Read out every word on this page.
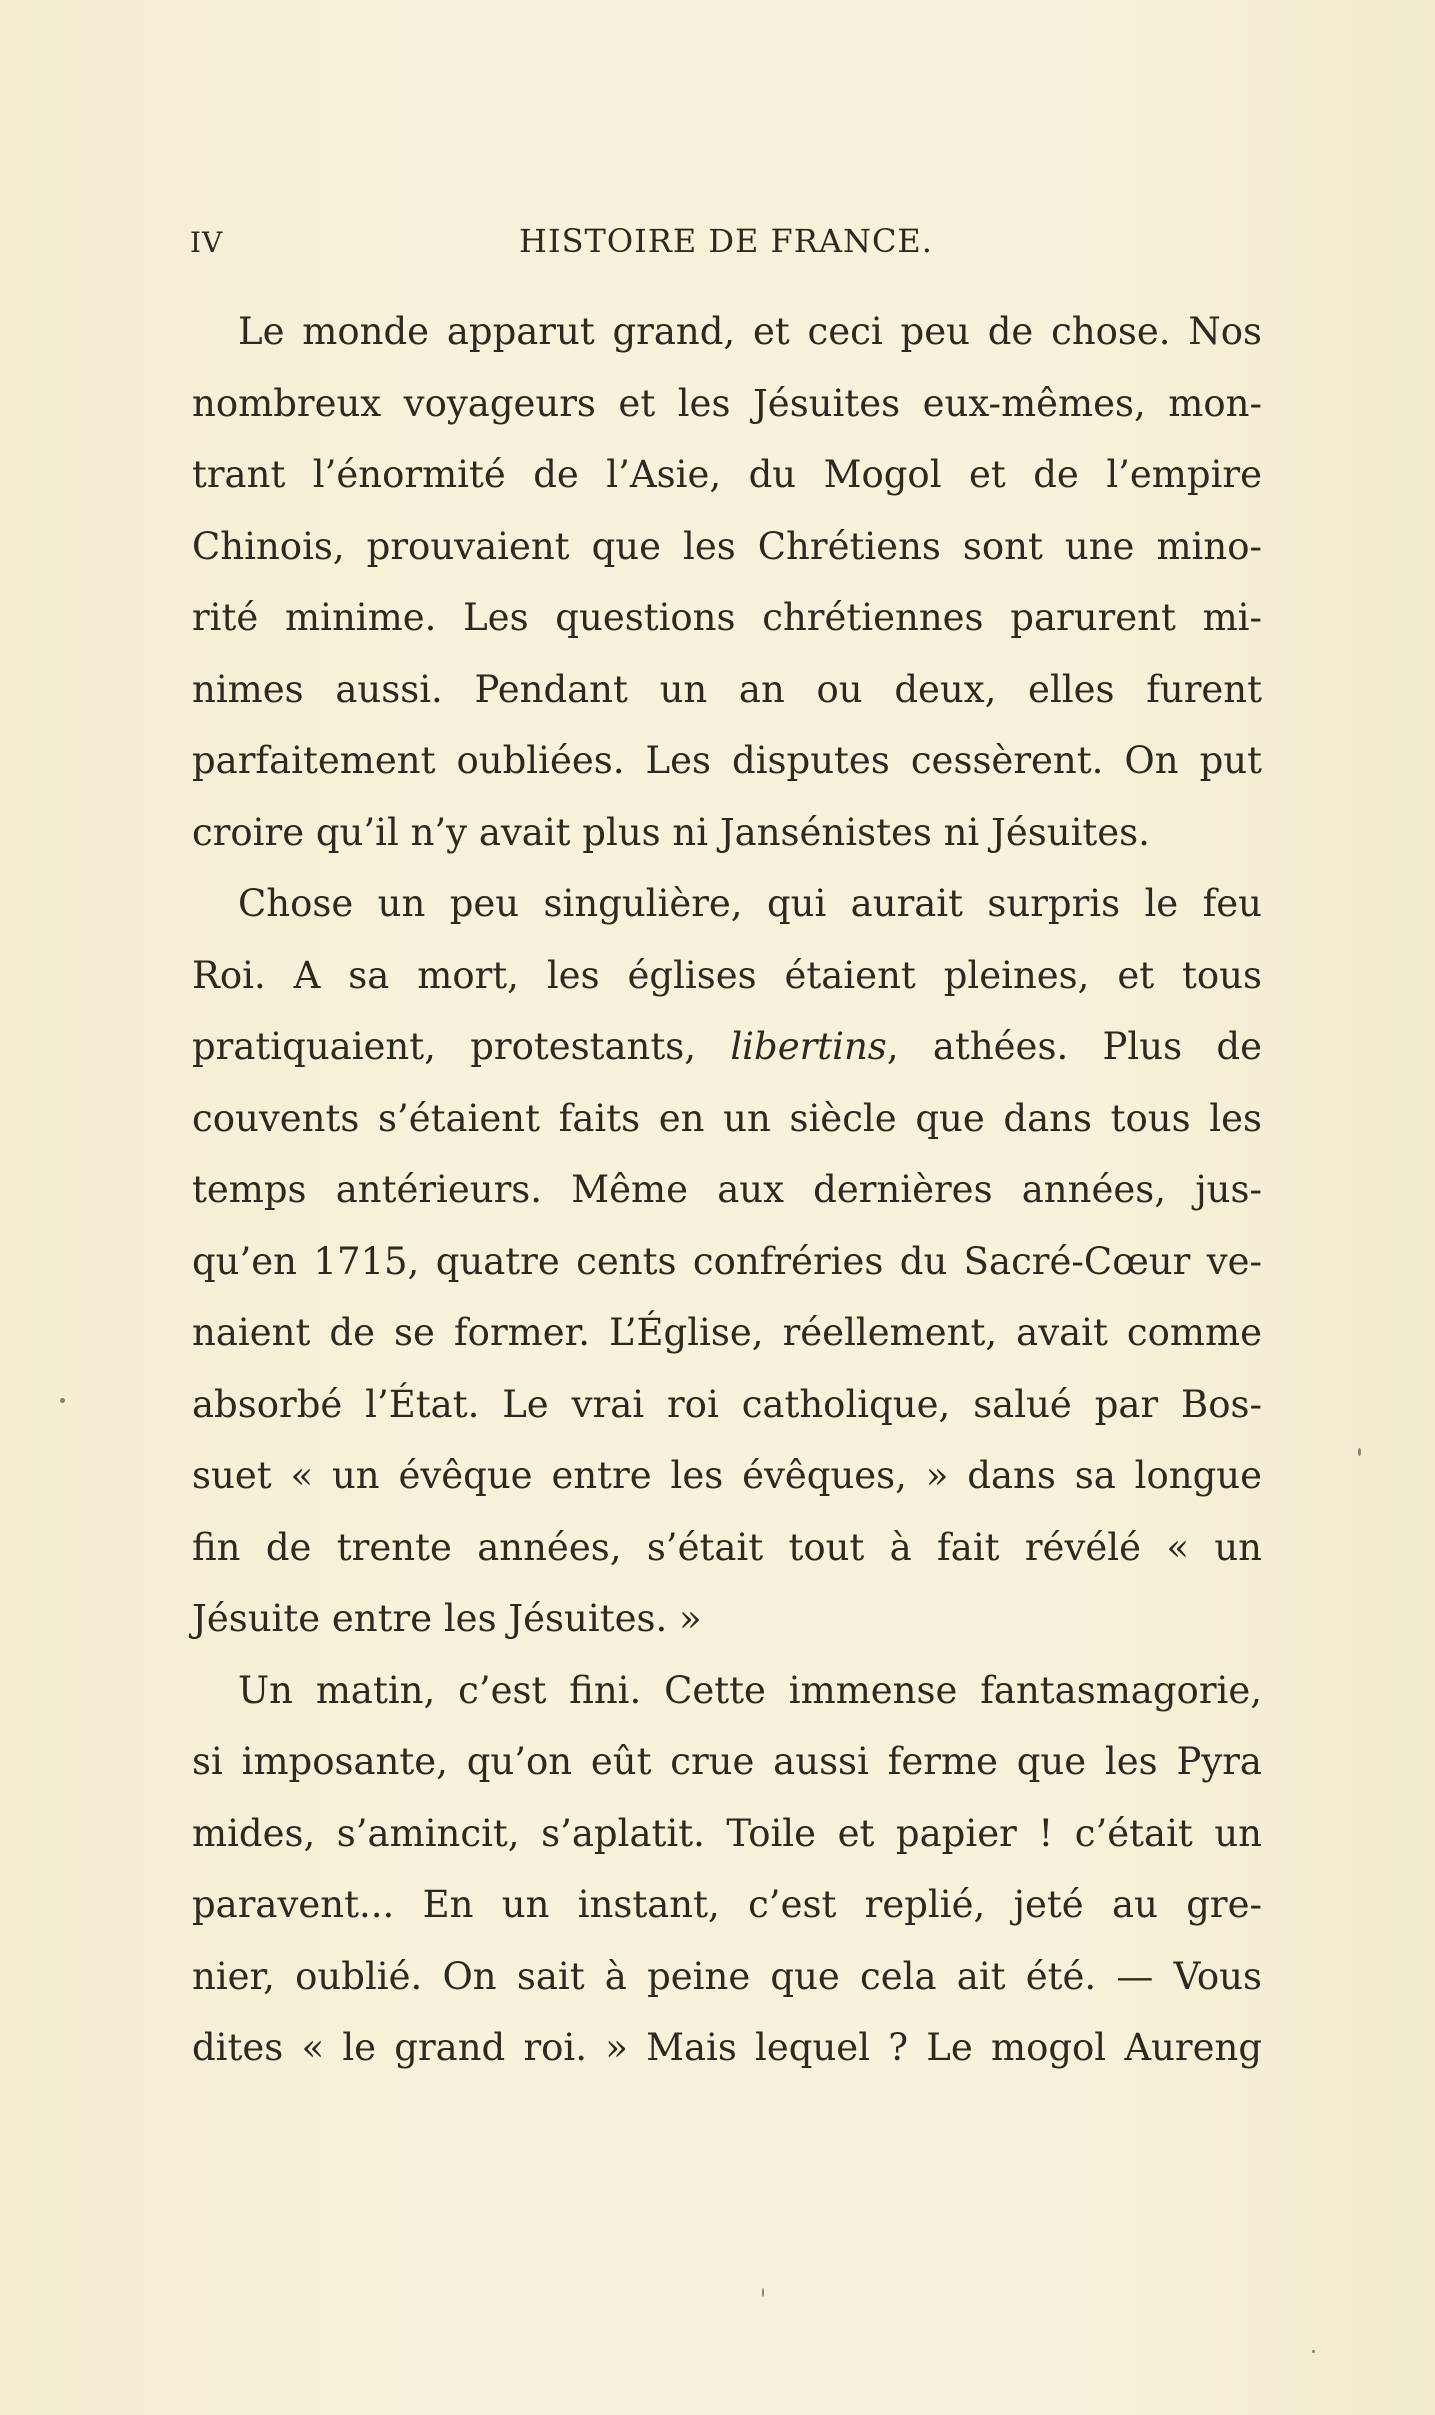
IV	HISTOIRE DE FRANCE.
Le monde apparut grand, et ceci peu de chose. Nos
nombreux voyageurs et les Jésuites eux-mêmes, mon-
trant l’énormité de l’Asie, du Mogol et de l’empire
Chinois, prouvaient que les Chrétiens sont une mino-
rité minime. Les questions chrétiennes parurent mi-
nimes aussi. Pendant un an ou deux, elles furent
parfaitement oubliées. Les disputes cessèrent. On put
croire qu’il n’y avait plus ni Jansénistes ni Jésuites.
Chose un peu singulière, qui aurait surpris le feu
Roi. A sa mort, les églises étaient pleines, et tous
pratiquaient, protestants, libertins, athées. Plus de
couvents s’étaient faits en un siècle que dans tous les
temps antérieurs. Même aux dernières années, jus-
qu’en 1715, quatre cents confréries du Sacré-Cœur ve-
naient de se former. L’Église, réellement, avait comme
absorbé l’État. Le vrai roi catholique, salué par Bos-
suet « un évêque entre les évêques, » dans sa longue
fin de trente années, s’était tout à fait révélé « un
Jésuite entre les Jésuites. »
Un matin, c’est fini. Cette immense fantasmagorie,
si imposante, qu’on eût crue aussi ferme que les Pyra
mides, s’amincit, s’aplatit. Toile et papier ! c’était un
paravent... En un instant, c’est replié, jeté au gre-
nier, oublié. On sait à peine que cela ait été. — Vous
dites « le grand roi. » Mais lequel ? Le mogol Aureng
